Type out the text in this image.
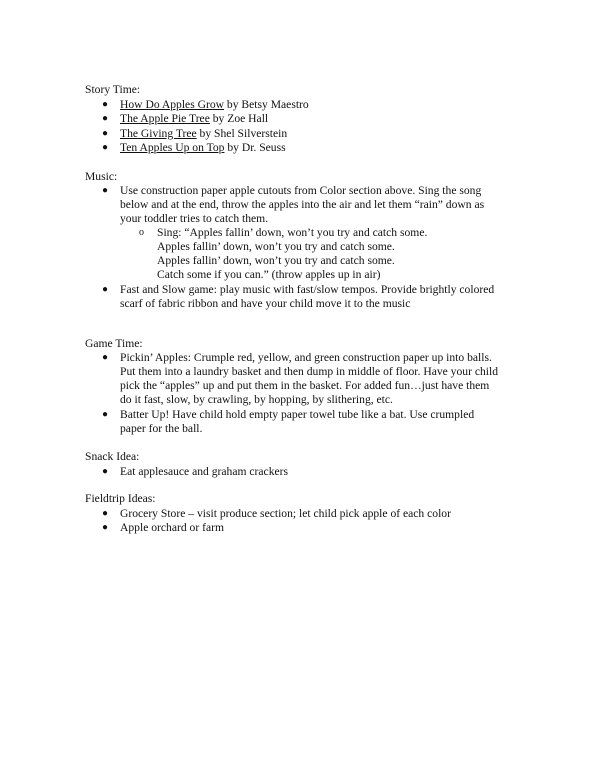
Story Time:

● How Do Apples Grow by Betsy Maestro

● The Apple Pie Tree by Zoe Hall

● The Giving Tree by Shel Silverstein

● Ten Apples Up on Top by Dr. Seuss

Music:

● Use construction paper apple cutouts from Color section above. Sing the song
below and at the end, throw the apples into the air and let them “rain” down as
your toddler tries to catch them.

o Sing: “Apples fallin’ down, won’t you try and catch some.
Apples fallin’ down, won’t you try and catch some.
Apples fallin’ down, won’t you try and catch some.
Catch some if you can.” (throw apples up in air)

● Fast and Slow game: play music with fast/slow tempos. Provide brightly colored
scarf of fabric ribbon and have your child move it to the music

Game Time:

● Pickin’ Apples: Crumple red, yellow, and green construction paper up into balls.
Put them into a laundry basket and then dump in middle of floor. Have your child
pick the “apples” up and put them in the basket. For added fun…just have them
do it fast, slow, by crawling, by hopping, by slithering, etc.

● Batter Up! Have child hold empty paper towel tube like a bat. Use crumpled
paper for the ball.

Snack Idea:

● Eat applesauce and graham crackers

Fieldtrip Ideas:

● Grocery Store – visit produce section; let child pick apple of each color

● Apple orchard or farm
